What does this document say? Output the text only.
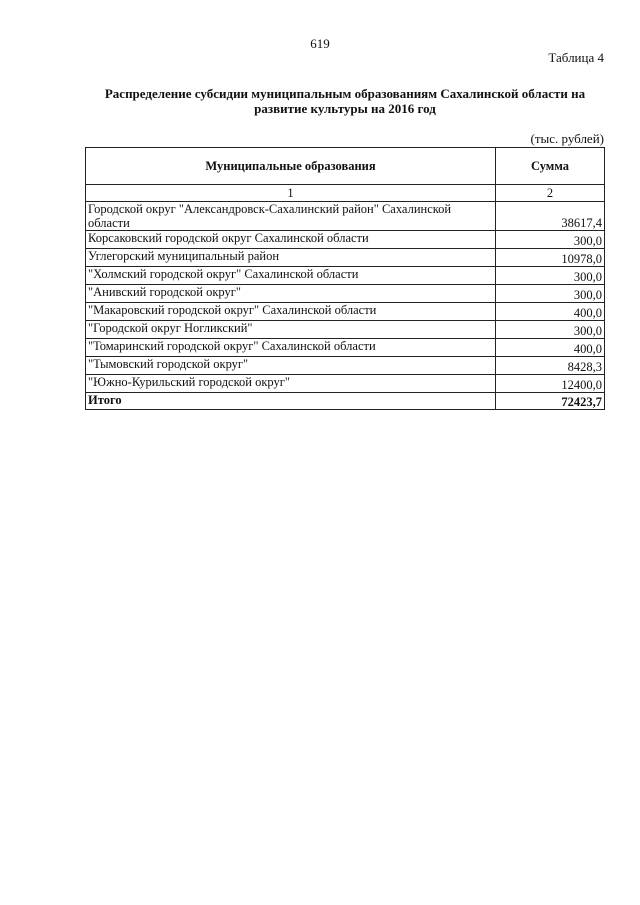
619
Таблица 4
Распределение субсидии муниципальным образованиям Сахалинской области на
развитие культуры на 2016 год
(тыс. рублей)
Муниципальные образования	Сумма
1	2
Городской округ "Александровск-Сахалинский район" Сахалинской области	38617,4
Корсаковский городской округ Сахалинской области	300,0
Углегорский муниципальный район	10978,0
"Холмский городской округ" Сахалинской области	300,0
"Анивский городской округ"	300,0
"Макаровский городской округ" Сахалинской области	400,0
"Городской округ Ногликский"	300,0
"Томаринский городской округ" Сахалинской области	400,0
"Тымовский городской округ"	8428,3
"Южно-Курильский городской округ"	12400,0
Итого	72423,7
